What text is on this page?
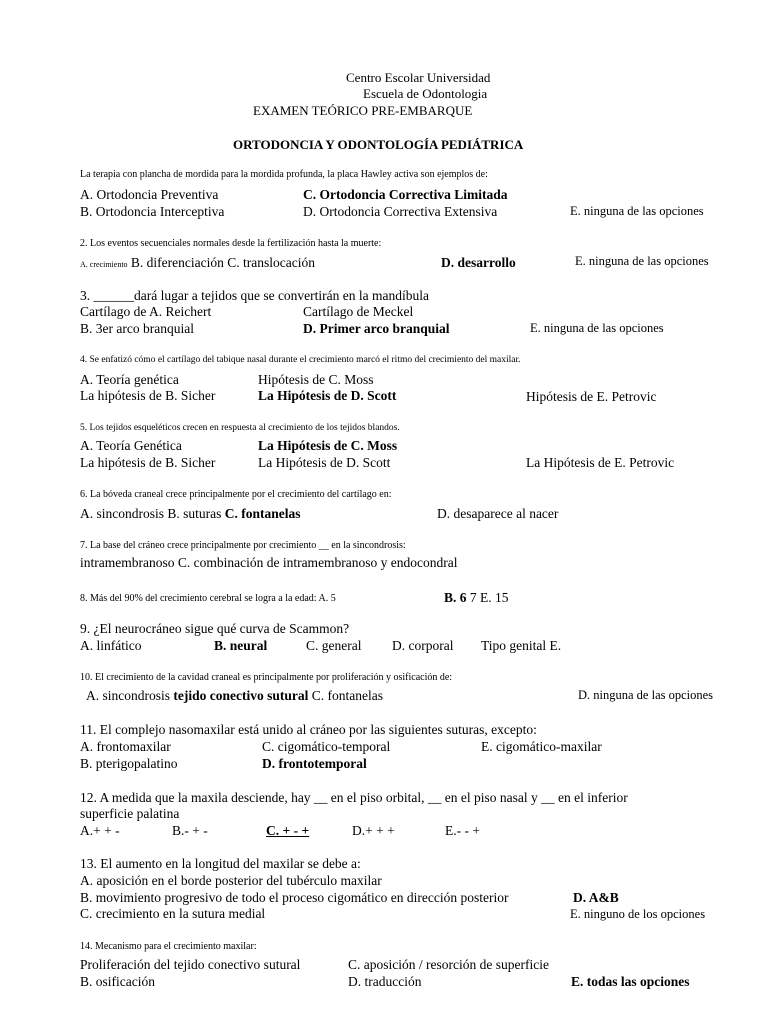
Centro Escolar Universidad
Escuela de Odontologia
EXAMEN TEÓRICO PRE-EMBARQUE
ORTODONCIA Y ODONTOLOGÍA PEDIÁTRICA
La terapia con plancha de mordida para la mordida profunda, la placa Hawley activa son ejemplos de:
A. Ortodoncia Preventiva	C. Ortodoncia Correctiva Limitada
B. Ortodoncia Interceptiva	D. Ortodoncia Correctiva Extensiva	E. ninguna de las opciones
2. Los eventos secuenciales normales desde la fertilización hasta la muerte:
A. crecimiento B. diferenciación C. translocación	D. desarrollo	E. ninguna de las opciones
3. ______dará lugar a tejidos que se convertirán en la mandíbula
Cartílago de A. Reichert	Cartílago de Meckel
B. 3er arco branquial	D. Primer arco branquial	E. ninguna de las opciones
4. Se enfatizó cómo el cartílago del tabique nasal durante el crecimiento marcó el ritmo del crecimiento del maxilar.
A. Teoría genética	Hipótesis de C. Moss
La hipótesis de B. Sicher	La Hipótesis de D. Scott	Hipótesis de E. Petrovic
5. Los tejidos esqueléticos crecen en respuesta al crecimiento de los tejidos blandos.
A. Teoría Genética	La Hipótesis de C. Moss
La hipótesis de B. Sicher	La Hipótesis de D. Scott	La Hipótesis de E. Petrovic
6. La bóveda craneal crece principalmente por el crecimiento del cartílago en:
A. sincondrosis B. suturas C. fontanelas	D. desaparece al nacer
7. La base del cráneo crece principalmente por crecimiento __ en la sincondrosis:
intramembranoso C. combinación de intramembranoso y endocondral
8. Más del 90% del crecimiento cerebral se logra a la edad: A. 5	B. 6 7 E. 15
9. ¿El neurocráneo sigue qué curva de Scammon?
A. linfático	B. neural	C. general D. corporal Tipo genital E.
10. El crecimiento de la cavidad craneal es principalmente por proliferación y osificación de:
A. sincondrosis tejido conectivo sutural C. fontanelas	D. ninguna de las opciones
11. El complejo nasomaxilar está unido al cráneo por las siguientes suturas, excepto:
A. frontomaxilar	C. cigomático-temporal	E. cigomático-maxilar
B. pterigopalatino	D. frontotemporal
12. A medida que la maxila desciende, hay __ en el piso orbital, __ en el piso nasal y __ en el inferior
superficie palatina
A.+ + -	B.- + -	C. + - +	D.+ + +	E.- - +
13. El aumento en la longitud del maxilar se debe a:
A. aposición en el borde posterior del tubérculo maxilar
B. movimiento progresivo de todo el proceso cigomático en dirección posterior	D. A&B
C. crecimiento en la sutura medial	E. ninguno de los opciones
14. Mecanismo para el crecimiento maxilar:
Proliferación del tejido conectivo sutural	C. aposición / resorción de superficie
B. osificación	D. traducción	E. todas las opciones
